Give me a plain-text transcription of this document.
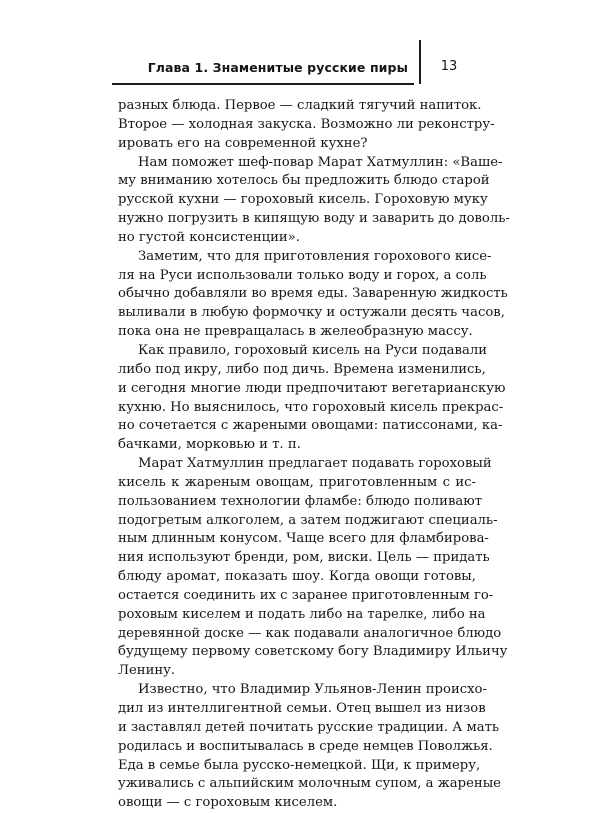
Глава 1. Знаменитые русские пиры	13
разных блюда. Первое — сладкий тягучий напиток.
Второе — холодная закуска. Возможно ли реконстру-
ировать его на современной кухне?
Нам поможет шеф-повар Марат Хатмуллин: «Ваше-
му вниманию хотелось бы предложить блюдо старой
русской кухни — гороховый кисель. Гороховую муку
нужно погрузить в кипящую воду и заварить до доволь-
но густой консистенции».
Заметим, что для приготовления горохового кисе-
ля на Руси использовали только воду и горох, а соль
обычно добавляли во время еды. Заваренную жидкость
выливали в любую формочку и остужали десять часов,
пока она не превращалась в желеобразную массу.
Как правило, гороховый кисель на Руси подавали
либо под икру, либо под дичь. Времена изменились,
и сегодня многие люди предпочитают вегетарианскую
кухню. Но выяснилось, что гороховый кисель прекрас-
но сочетается с жареными овощами: патиссонами, ка-
бачками, морковью и т. п.
Марат Хатмуллин предлагает подавать гороховый
кисель к жареным овощам, приготовленным с ис-
пользованием технологии фламбе: блюдо поливают
подогретым алкоголем, а затем поджигают специаль-
ным длинным конусом. Чаще всего для фламбирова-
ния используют бренди, ром, виски. Цель — придать
блюду аромат, показать шоу. Когда овощи готовы,
остается соединить их с заранее приготовленным го-
роховым киселем и подать либо на тарелке, либо на
деревянной доске — как подавали аналогичное блюдо
будущему первому советскому богу Владимиру Ильичу
Ленину.
Известно, что Владимир Ульянов-Ленин происхо-
дил из интеллигентной семьи. Отец вышел из низов
и заставлял детей почитать русские традиции. А мать
родилась и воспитывалась в среде немцев Поволжья.
Еда в семье была русско-немецкой. Щи, к примеру,
уживались с альпийским молочным супом, а жареные
овощи — с гороховым киселем.
